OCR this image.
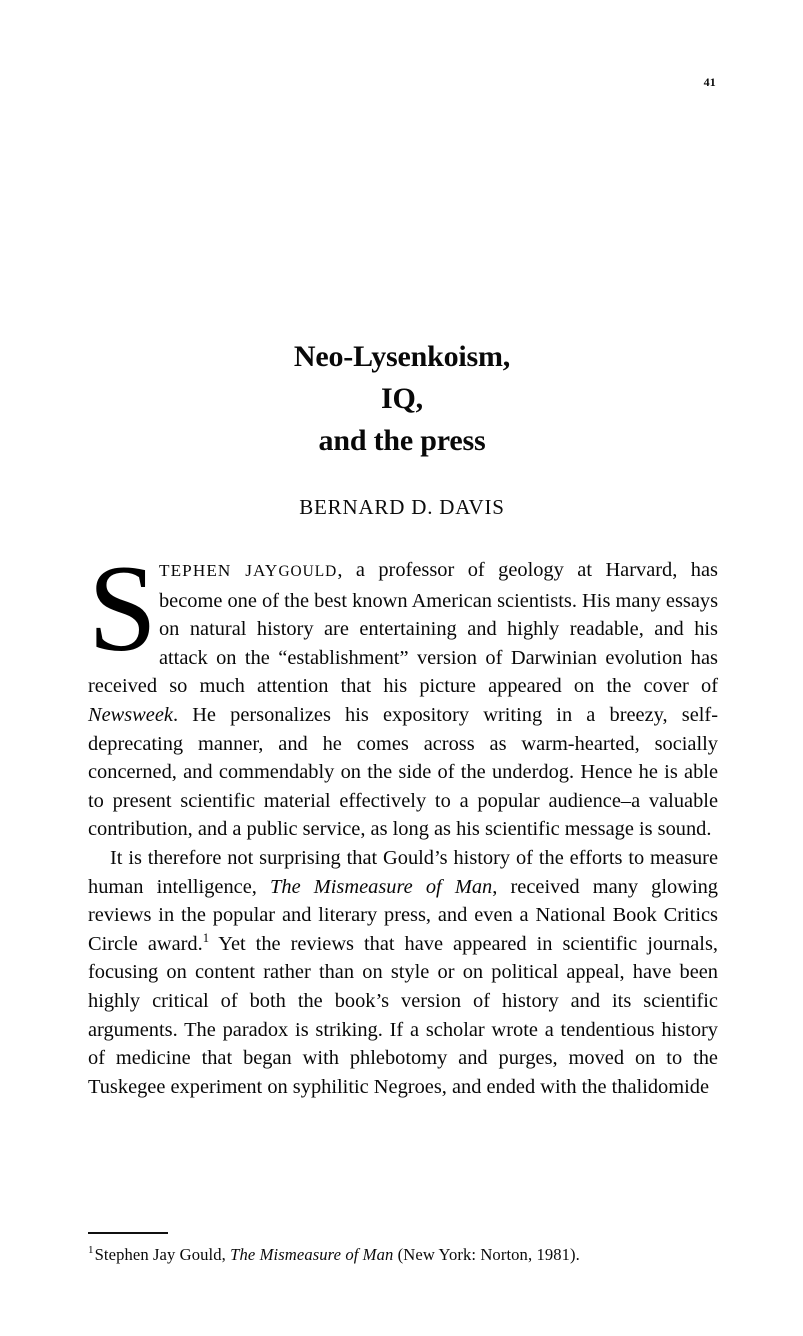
41
Neo-Lysenkoism,
IQ,
and the press
BERNARD D. DAVIS

STEPHEN JAYGOULD, a professor of geology at Harvard, has become one of the best known American scientists. His many essays on natural history are entertaining and highly readable, and his attack on the “establishment” version of Darwinian evolution has received so much attention that his picture appeared on the cover of Newsweek. He personalizes his expository writing in a breezy, self-deprecating manner, and he comes across as warm-hearted, socially concerned, and commendably on the side of the underdog. Hence he is able to present scientific material effectively to a popular audience–a valuable contribution, and a public service, as long as his scientific message is sound.

It is therefore not surprising that Gould’s history of the efforts to measure human intelligence, The Mismeasure of Man, received many glowing reviews in the popular and literary press, and even a National Book Critics Circle award.$^1$ Yet the reviews that have appeared in scientific journals, focusing on content rather than on style or on political appeal, have been highly critical of both the book’s version of history and its scientific arguments. The paradox is striking. If a scholar wrote a tendentious history of medicine that began with phlebotomy and purges, moved on to the Tuskegee experiment on syphilitic Negroes, and ended with the thalidomide

$^1$Stephen Jay Gould, The Mismeasure of Man (New York: Norton, 1981).
